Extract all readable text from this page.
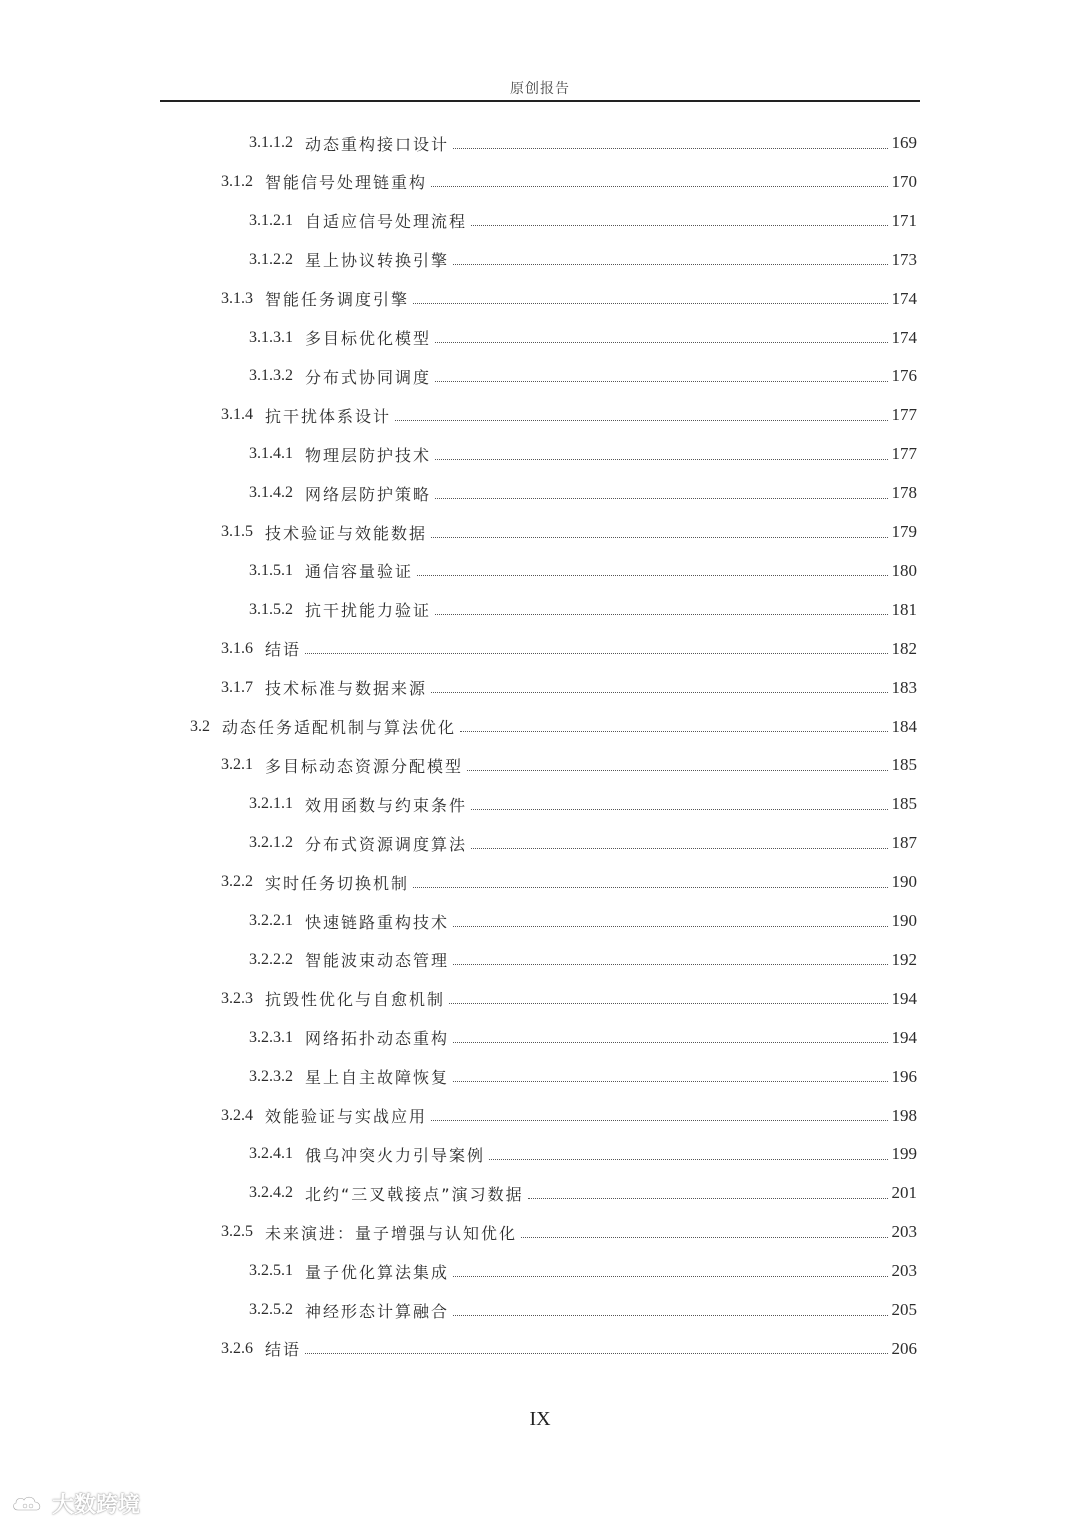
原创报告
3.1.1.2 动态重构接口设计	169
3.1.2 智能信号处理链重构	170
3.1.2.1 自适应信号处理流程	171
3.1.2.2 星上协议转换引擎	173
3.1.3 智能任务调度引擎	174
3.1.3.1 多目标优化模型	174
3.1.3.2 分布式协同调度	176
3.1.4 抗干扰体系设计	177
3.1.4.1 物理层防护技术	177
3.1.4.2 网络层防护策略	178
3.1.5 技术验证与效能数据	179
3.1.5.1 通信容量验证	180
3.1.5.2 抗干扰能力验证	181
3.1.6 结语	182
3.1.7 技术标准与数据来源	183
3.2 动态任务适配机制与算法优化	184
3.2.1 多目标动态资源分配模型	185
3.2.1.1 效用函数与约束条件	185
3.2.1.2 分布式资源调度算法	187
3.2.2 实时任务切换机制	190
3.2.2.1 快速链路重构技术	190
3.2.2.2 智能波束动态管理	192
3.2.3 抗毁性优化与自愈机制	194
3.2.3.1 网络拓扑动态重构	194
3.2.3.2 星上自主故障恢复	196
3.2.4 效能验证与实战应用	198
3.2.4.1 俄乌冲突火力引导案例	199
3.2.4.2 北约“三叉戟接点”演习数据	201
3.2.5 未来演进：量子增强与认知优化	203
3.2.5.1 量子优化算法集成	203
3.2.5.2 神经形态计算融合	205
3.2.6 结语	206
IX
大数跨境
